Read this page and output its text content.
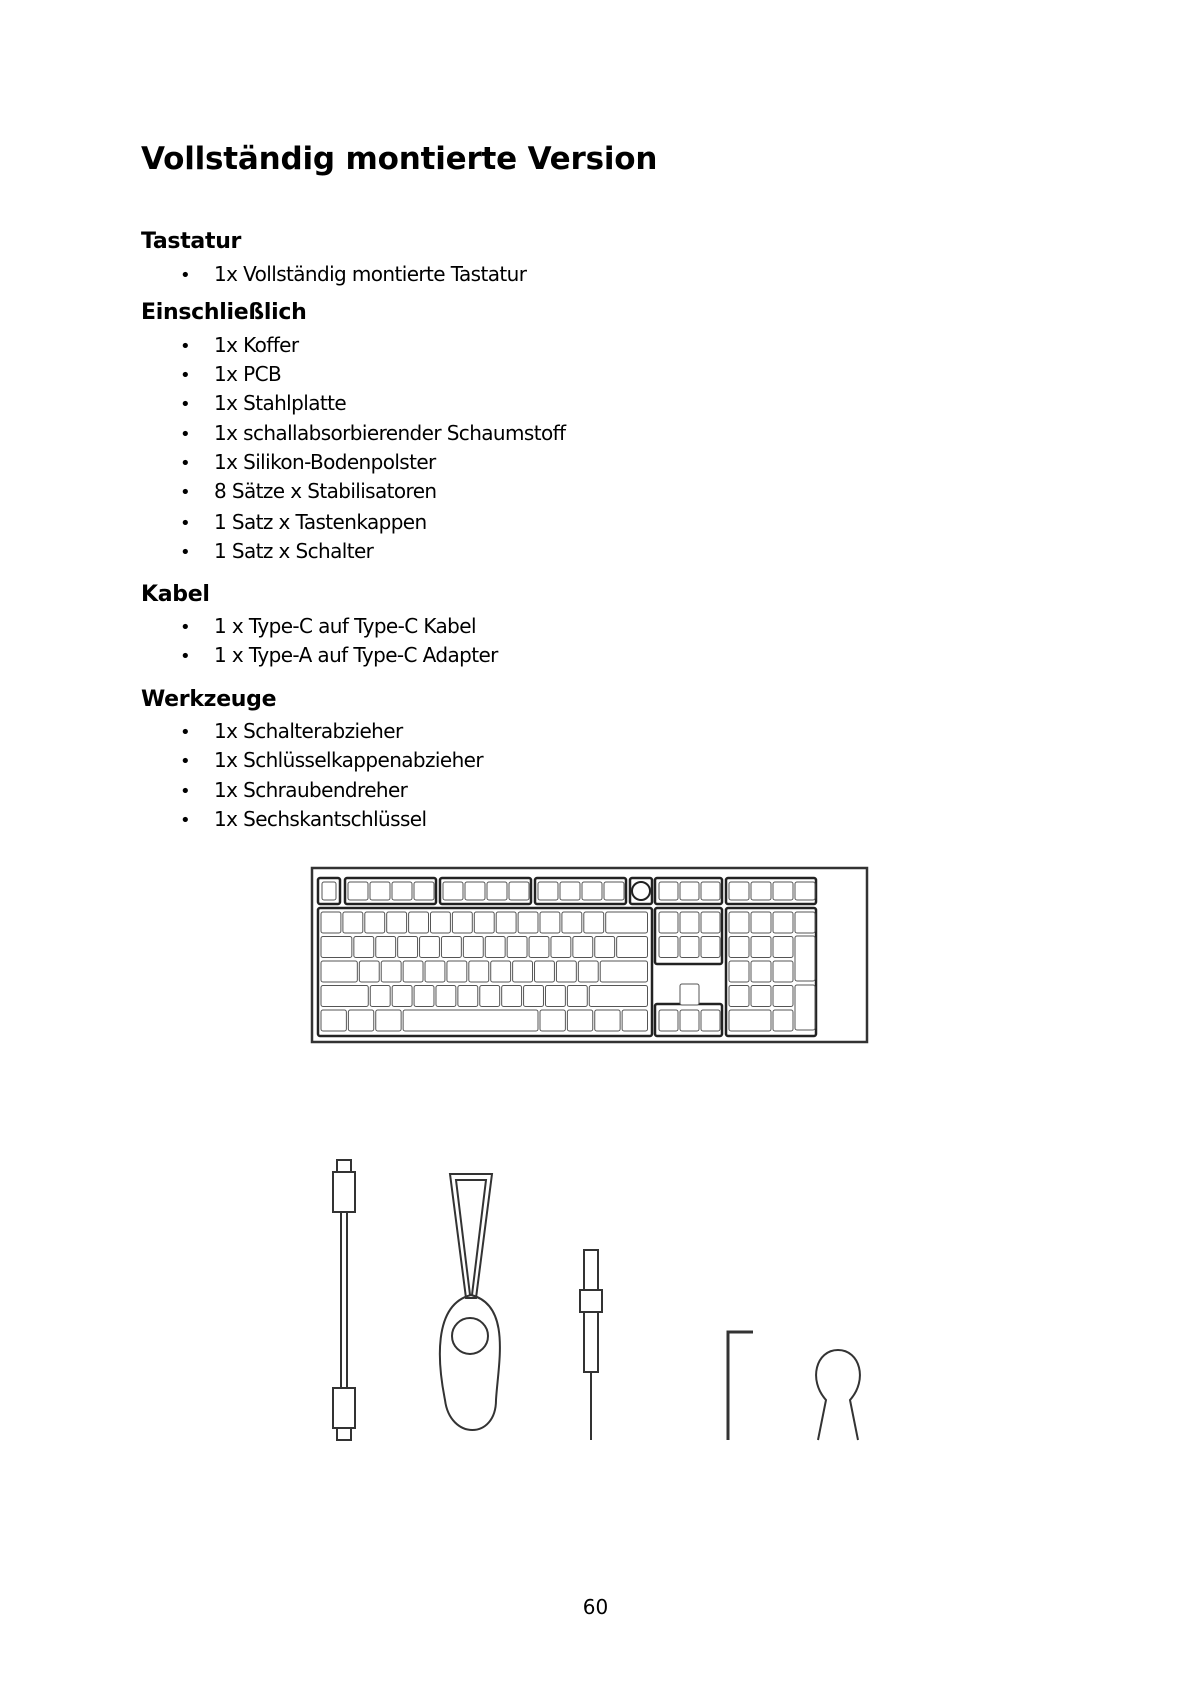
Vollständig montierte Version
Tastatur
• 1x Vollständig montierte Tastatur
Einschließlich
• 1x Koffer
• 1x PCB
• 1x Stahlplatte
• 1x schallabsorbierender Schaumstoff
• 1x Silikon-Bodenpolster
• 8 Sätze x Stabilisatoren
• 1 Satz x Tastenkappen
• 1 Satz x Schalter
Kabel
• 1 x Type-C auf Type-C Kabel
• 1 x Type-A auf Type-C Adapter
Werkzeuge
• 1x Schalterabzieher
• 1x Schlüsselkappenabzieher
• 1x Schraubendreher
• 1x Sechskantschlüssel
60
